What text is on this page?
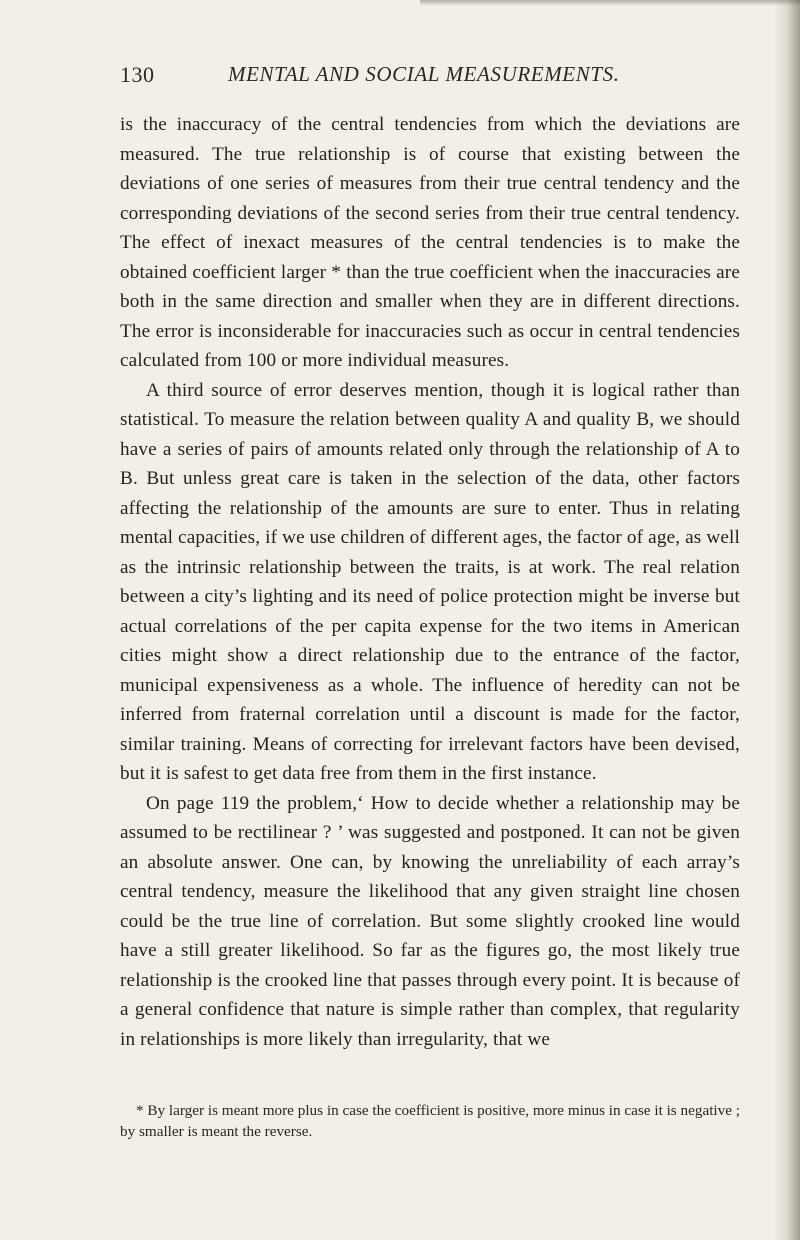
130	MENTAL AND SOCIAL MEASUREMENTS.

is the inaccuracy of the central tendencies from which the deviations are measured. The true relationship is of course that existing between the deviations of one series of measures from their true central tendency and the corresponding deviations of the second series from their true central tendency. The effect of inexact measures of the central tendencies is to make the obtained coefficient larger * than the true coefficient when the inaccuracies are both in the same direction and smaller when they are in different directions. The error is inconsiderable for inaccuracies such as occur in central tendencies calculated from 100 or more individual measures.

A third source of error deserves mention, though it is logical rather than statistical. To measure the relation between quality A and quality B, we should have a series of pairs of amounts related only through the relationship of A to B. But unless great care is taken in the selection of the data, other factors affecting the relationship of the amounts are sure to enter. Thus in relating mental capacities, if we use children of different ages, the factor of age, as well as the intrinsic relationship between the traits, is at work. The real relation between a city’s lighting and its need of police protection might be inverse but actual correlations of the per capita expense for the two items in American cities might show a direct relationship due to the entrance of the factor, municipal expensiveness as a whole. The influence of heredity can not be inferred from fraternal correlation until a discount is made for the factor, similar training. Means of correcting for irrelevant factors have been devised, but it is safest to get data free from them in the first instance.

On page 119 the problem,‘ How to decide whether a relationship may be assumed to be rectilinear ? ’ was suggested and postponed. It can not be given an absolute answer. One can, by knowing the unreliability of each array’s central tendency, measure the likelihood that any given straight line chosen could be the true line of correlation. But some slightly crooked line would have a still greater likelihood. So far as the figures go, the most likely true relationship is the crooked line that passes through every point. It is because of a general confidence that nature is simple rather than complex, that regularity in relationships is more likely than irregularity, that we

* By larger is meant more plus in case the coefficient is positive, more minus in case it is negative ; by smaller is meant the reverse.
